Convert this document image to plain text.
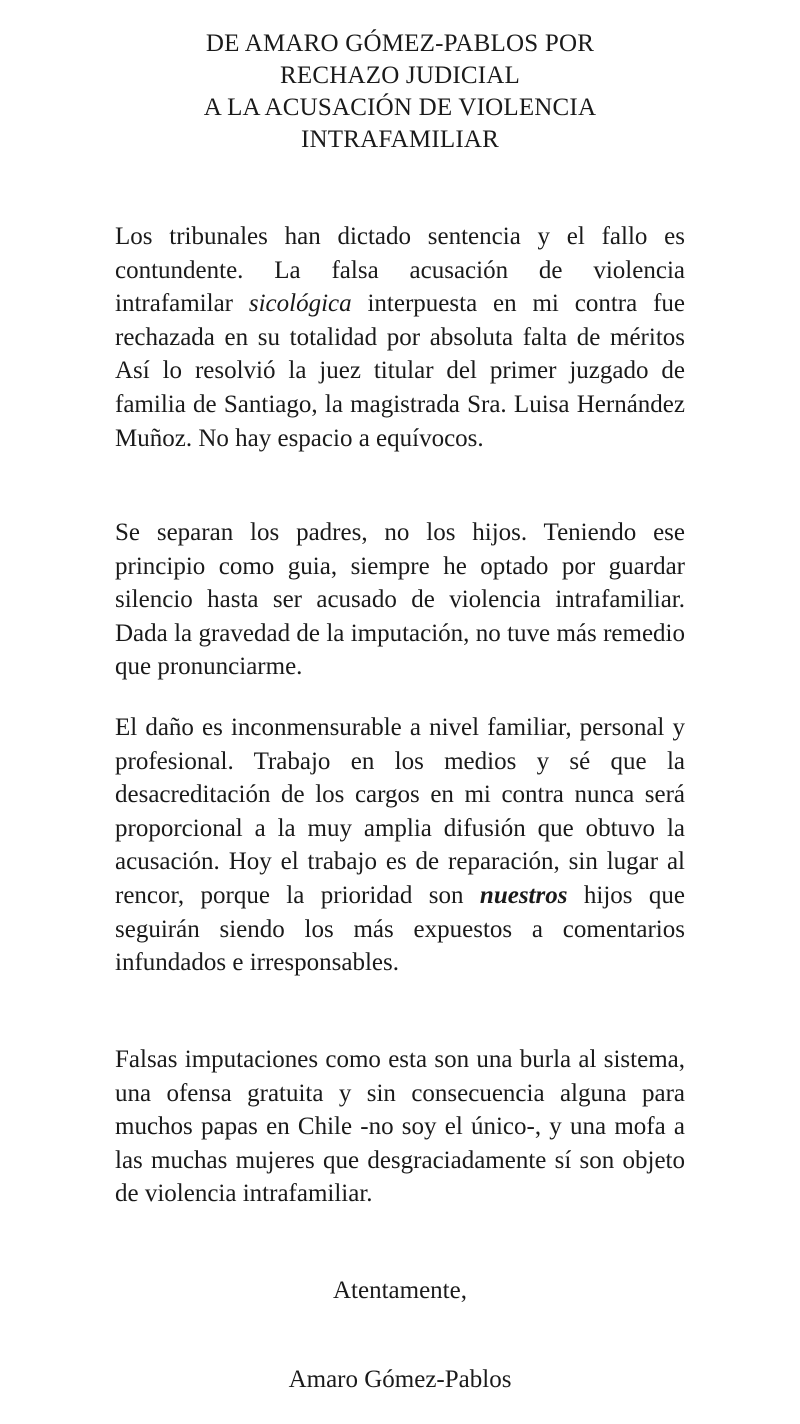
DE AMARO GÓMEZ-PABLOS POR
RECHAZO JUDICIAL
A LA ACUSACIÓN DE VIOLENCIA
INTRAFAMILIAR

Los tribunales han dictado sentencia y el fallo es contundente. La falsa acusación de violencia intrafamilar sicológica interpuesta en mi contra fue rechazada en su totalidad por absoluta falta de méritos Así lo resolvió la juez titular del primer juzgado de familia de Santiago, la magistrada Sra. Luisa Hernández Muñoz. No hay espacio a equívocos.

Se separan los padres, no los hijos. Teniendo ese principio como guia, siempre he optado por guardar silencio hasta ser acusado de violencia intrafamiliar. Dada la gravedad de la imputación, no tuve más remedio que pronunciarme.

El daño es inconmensurable a nivel familiar, personal y profesional. Trabajo en los medios y sé que la desacreditación de los cargos en mi contra nunca será proporcional a la muy amplia difusión que obtuvo la acusación. Hoy el trabajo es de reparación, sin lugar al rencor, porque la prioridad son nuestros hijos que seguirán siendo los más expuestos a comentarios infundados e irresponsables.

Falsas imputaciones como esta son una burla al sistema, una ofensa gratuita y sin consecuencia alguna para muchos papas en Chile -no soy el único-, y una mofa a las muchas mujeres que desgraciadamente sí son objeto de violencia intrafamiliar.

Atentamente,
Amaro Gómez-Pablos
